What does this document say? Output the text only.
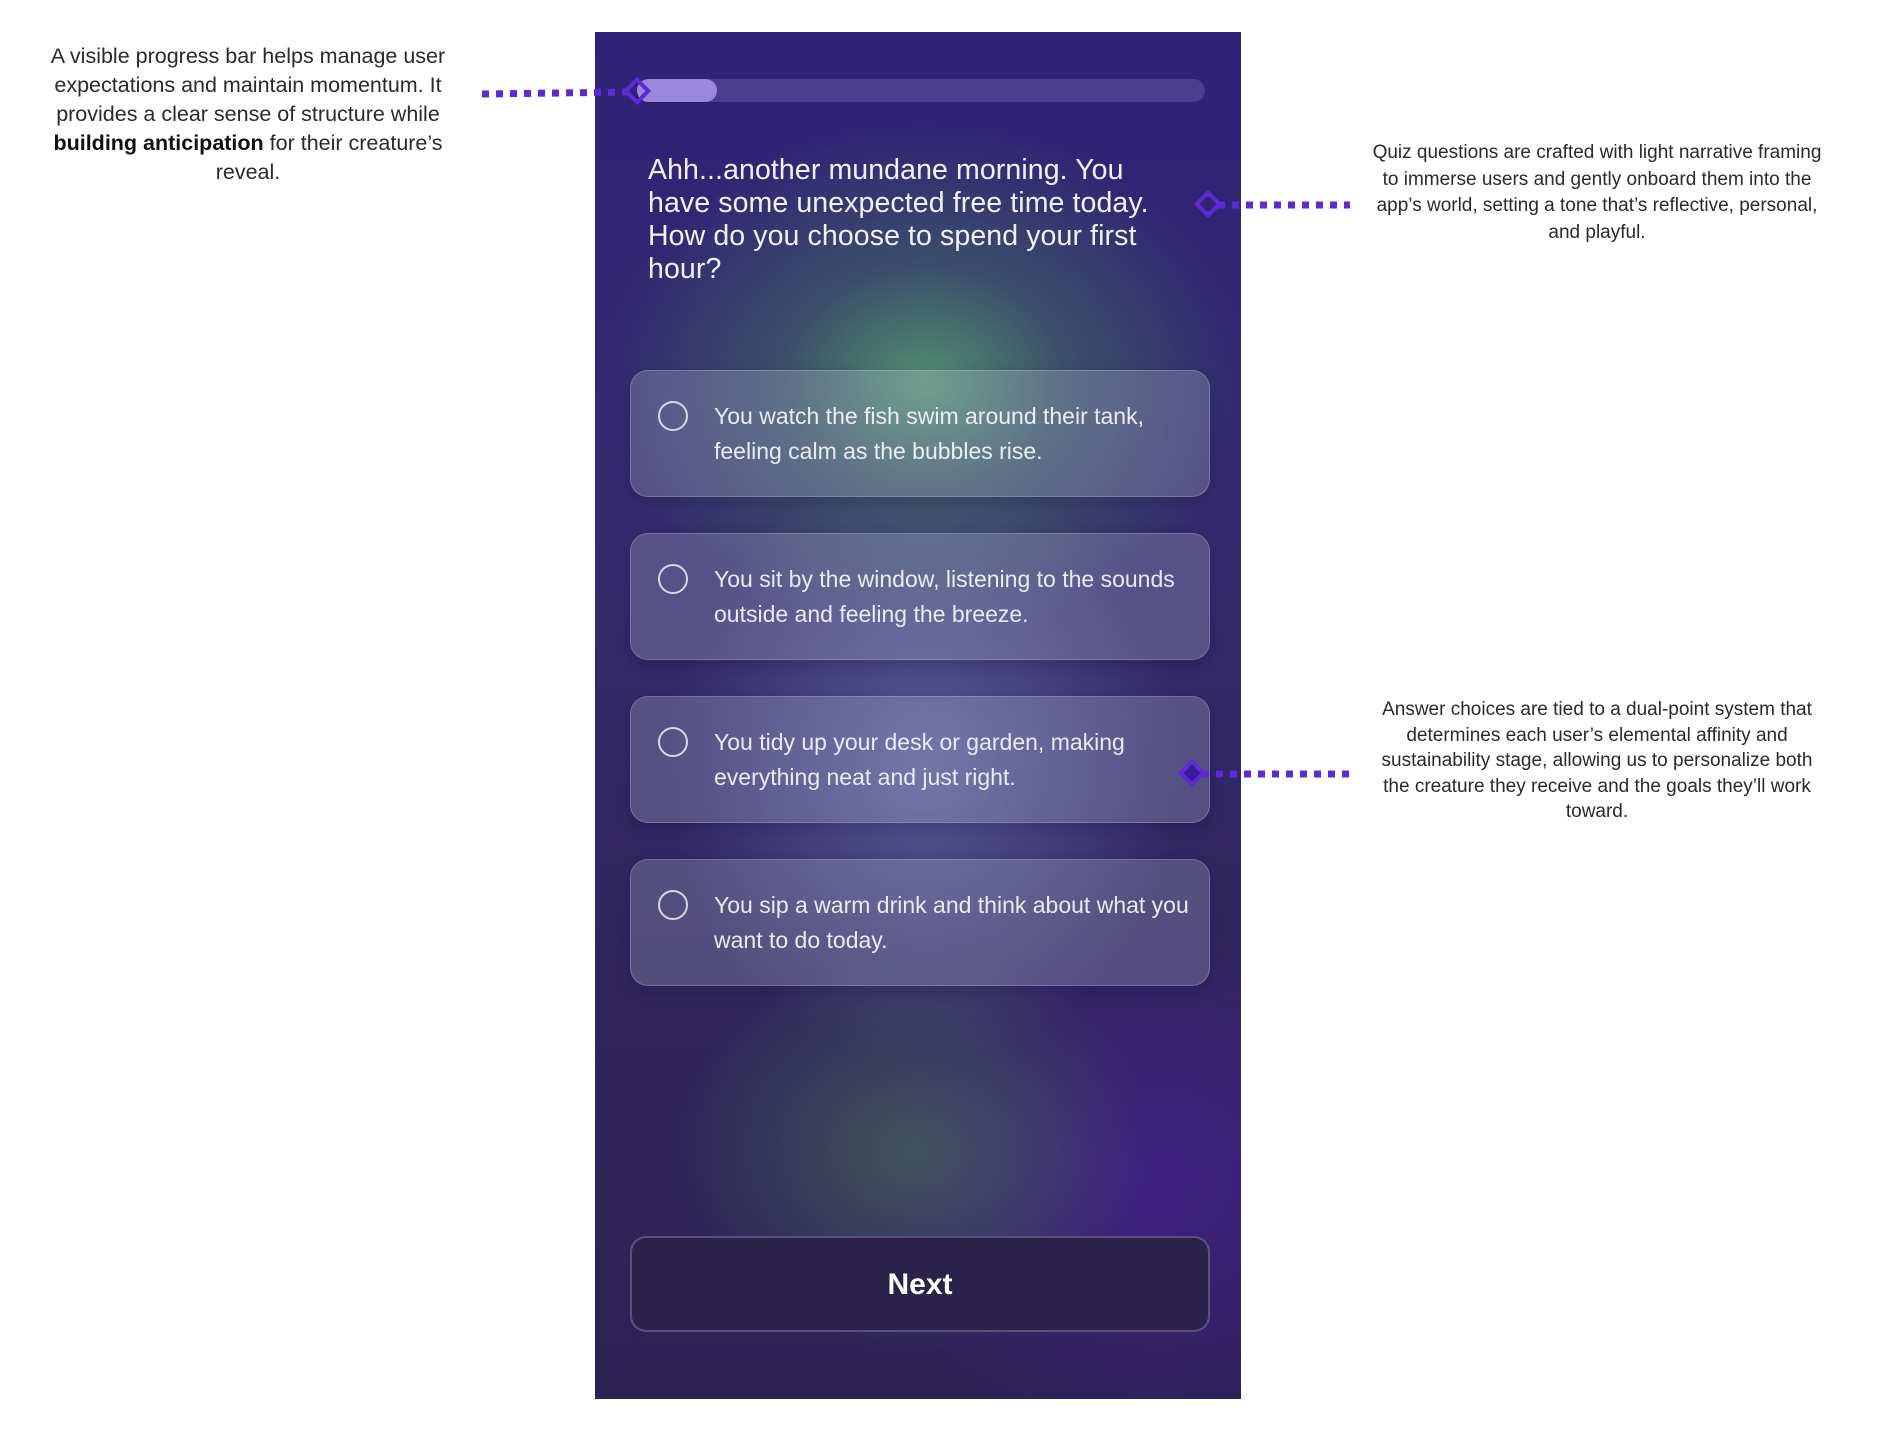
A visible progress bar helps manage user expectations and maintain momentum. It provides a clear sense of structure while building anticipation for their creature’s reveal.
Quiz questions are crafted with light narrative framing to immerse users and gently onboard them into the app’s world, setting a tone that’s reflective, personal, and playful.
Answer choices are tied to a dual-point system that determines each user’s elemental affinity and sustainability stage, allowing us to personalize both the creature they receive and the goals they’ll work toward.

Ahh...another mundane morning. You have some unexpected free time today. How do you choose to spend your first hour?

You watch the fish swim around their tank, feeling calm as the bubbles rise.
You sit by the window, listening to the sounds outside and feeling the breeze.
You tidy up your desk or garden, making everything neat and just right.
You sip a warm drink and think about what you want to do today.
Next
